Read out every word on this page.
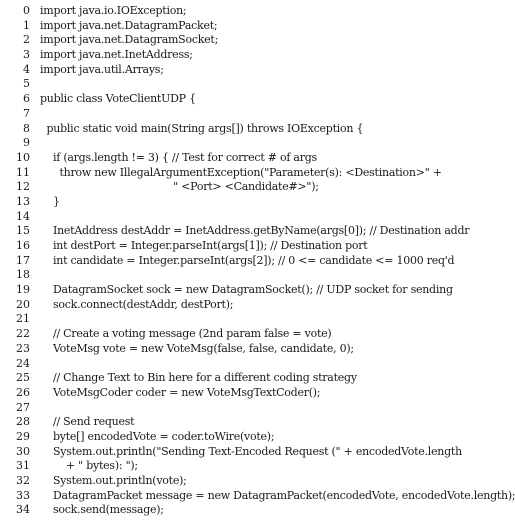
0 import java.io.IOException;
1 import java.net.DatagramPacket;
2 import java.net.DatagramSocket;
3 import java.net.InetAddress;
4 import java.util.Arrays;
5
6 public class VoteClientUDP {
7
8 public static void main(String args[]) throws IOException {
9
10 if (args.length != 3) { // Test for correct # of args
11 throw new IllegalArgumentException("Parameter(s): <Destination>" +
12 " <Port> <Candidate#>");
13 }
14
15 InetAddress destAddr = InetAddress.getByName(args[0]); // Destination addr
16 int destPort = Integer.parseInt(args[1]); // Destination port
17 int candidate = Integer.parseInt(args[2]); // 0 <= candidate <= 1000 req'd
18
19 DatagramSocket sock = new DatagramSocket(); // UDP socket for sending
20 sock.connect(destAddr, destPort);
21
22 // Create a voting message (2nd param false = vote)
23 VoteMsg vote = new VoteMsg(false, false, candidate, 0);
24
25 // Change Text to Bin here for a different coding strategy
26 VoteMsgCoder coder = new VoteMsgTextCoder();
27
28 // Send request
29 byte[] encodedVote = coder.toWire(vote);
30 System.out.println("Sending Text-Encoded Request (" + encodedVote.length
31 + " bytes): ");
32 System.out.println(vote);
33 DatagramPacket message = new DatagramPacket(encodedVote, encodedVote.length);
34 sock.send(message);
